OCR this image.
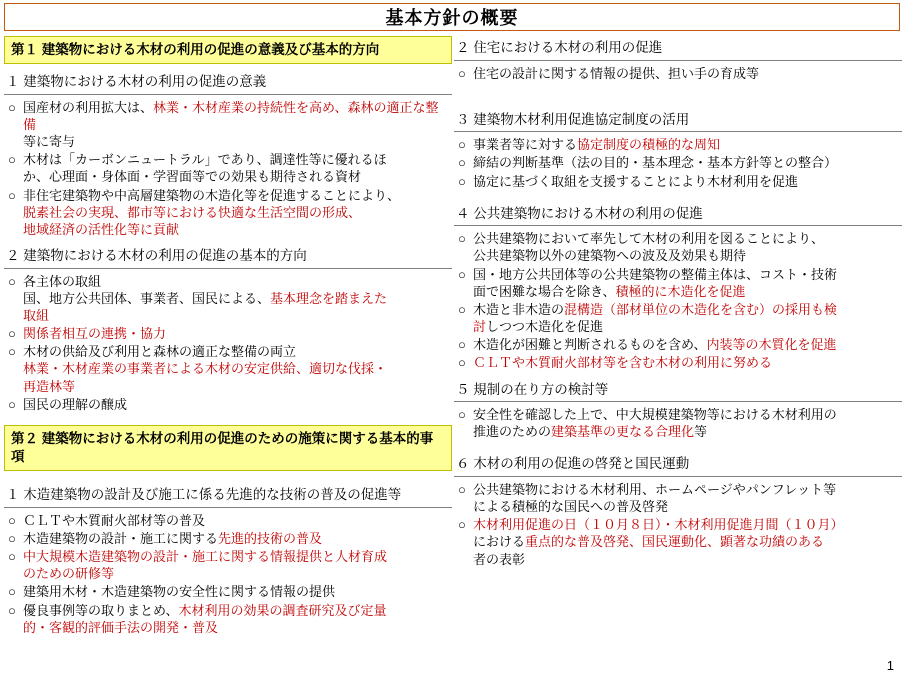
基本方針の概要
第１ 建築物における木材の利用の促進の意義及び基本的方向
１ 建築物における木材の利用の促進の意義
○ 国産材の利用拡大は、林業・木材産業の持続性を高め、森林の適正な整備
等に寄与
○ 木材は「カーボンニュートラル」であり、調達性等に優れるほ
か、心理面・身体面・学習面等での効果も期待される資材
○ 非住宅建築物や中高層建築物の木造化等を促進することにより、
脱素社会の実現、都市等における快適な生活空間の形成、
地域経済の活性化等に貢献
２ 建築物における木材の利用の促進の基本的方向
○ 各主体の取組
国、地方公共団体、事業者、国民による、基本理念を踏まえた
取組
○ 関係者相互の連携・協力
○ 木材の供給及び利用と森林の適正な整備の両立
林業・木材産業の事業者による木材の安定供給、適切な伐採・
再造林等
○ 国民の理解の醸成
第２ 建築物における木材の利用の促進のための施策に関する基本的事項
１ 木造建築物の設計及び施工に係る先進的な技術の普及の促進等
○ ＣＬＴや木質耐火部材等の普及
○ 木造建築物の設計・施工に関する先進的技術の普及
○ 中大規模木造建築物の設計・施工に関する情報提供と人材育成
のための研修等
○ 建築用木材・木造建築物の安全性に関する情報の提供
○ 優良事例等の取りまとめ、木材利用の効果の調査研究及び定量
的・客観的評価手法の開発・普及
２ 住宅における木材の利用の促進
○ 住宅の設計に関する情報の提供、担い手の育成等
３ 建築物木材利用促進協定制度の活用
○ 事業者等に対する協定制度の積極的な周知
○ 締結の判断基準（法の目的・基本理念・基本方針等との整合）
○ 協定に基づく取組を支援することにより木材利用を促進
４ 公共建築物における木材の利用の促進
○ 公共建築物において率先して木材の利用を図ることにより、
公共建築物以外の建築物への波及及効果も期待
○ 国・地方公共団体等の公共建築物の整備主体は、コスト・技術
面で困難な場合を除き、積極的に木造化を促進
○ 木造と非木造の混構造（部材単位の木造化を含む）の採用も検
討しつつ木造化を促進
○ 木造化が困難と判断されるものを含め、内装等の木質化を促進
○ ＣＬＴや木質耐火部材等を含む木材の利用に努める
５ 規制の在り方の検討等
○ 安全性を確認した上で、中大規模建築物等における木材利用の
推進のための建築基準の更なる合理化等
６ 木材の利用の促進の啓発と国民運動
○ 公共建築物における木材利用、ホームページやパンフレット等
による積極的な国民への普及啓発
○ 木材利用促進の日（１０月８日）・木材利用促進月間（１０月）
における重点的な普及啓発、国民運動化、顕著な功績のある
者の表彰
1
